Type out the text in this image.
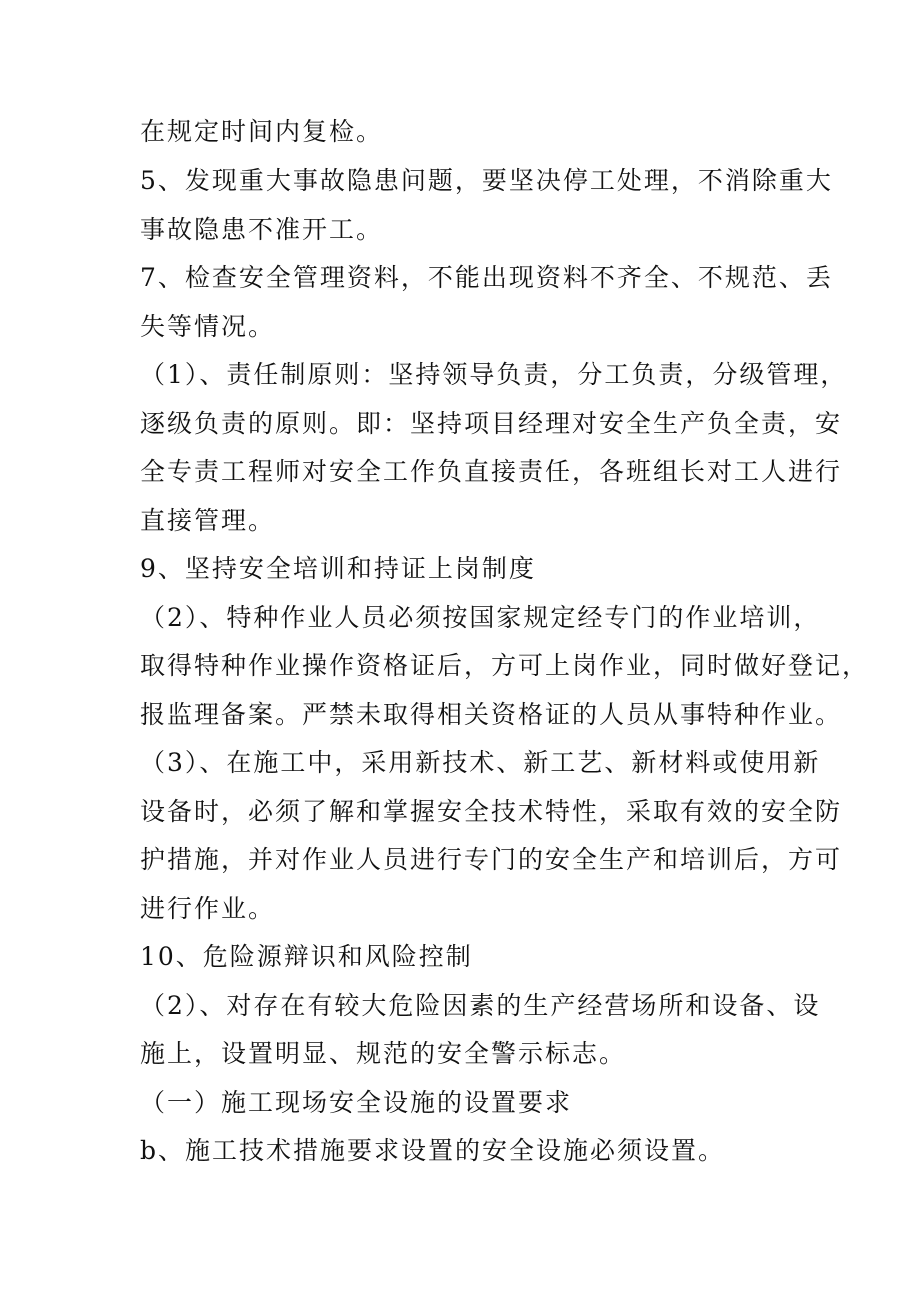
在规定时间内复检。
5、发现重大事故隐患问题，要坚决停工处理，不消除重大
事故隐患不准开工。
7、检查安全管理资料，不能出现资料不齐全、不规范、丢
失等情况。
（1）、责任制原则：坚持领导负责，分工负责，分级管理，
逐级负责的原则。即：坚持项目经理对安全生产负全责，安
全专责工程师对安全工作负直接责任，各班组长对工人进行
直接管理。
9、坚持安全培训和持证上岗制度
（2）、特种作业人员必须按国家规定经专门的作业培训，
取得特种作业操作资格证后，方可上岗作业，同时做好登记，
报监理备案。严禁未取得相关资格证的人员从事特种作业。
（3）、在施工中，采用新技术、新工艺、新材料或使用新
设备时，必须了解和掌握安全技术特性，采取有效的安全防
护措施，并对作业人员进行专门的安全生产和培训后，方可
进行作业。
10、危险源辩识和风险控制
（2）、对存在有较大危险因素的生产经营场所和设备、设
施上，设置明显、规范的安全警示标志。
（一）施工现场安全设施的设置要求
b、施工技术措施要求设置的安全设施必须设置。
